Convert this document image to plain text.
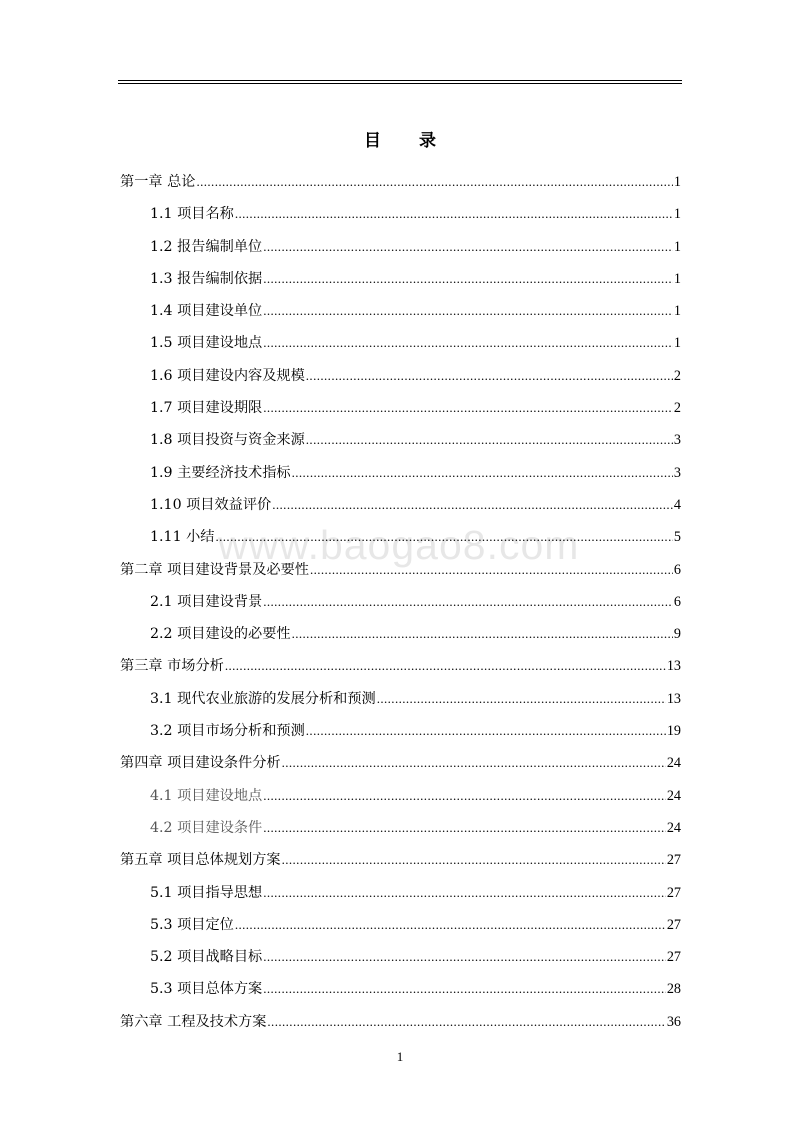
目 录
第一章 总论 .....	1
1.1 项目名称 .....	1
1.2 报告编制单位 .....	1
1.3 报告编制依据 .....	1
1.4 项目建设单位 .....	1
1.5 项目建设地点 .....	1
1.6 项目建设内容及规模 .....	2
1.7 项目建设期限 .....	2
1.8 项目投资与资金来源 .....	3
1.9 主要经济技术指标 .....	3
1.10 项目效益评价 .....	4
1.11 小结 .....	5
第二章 项目建设背景及必要性 .....	6
2.1 项目建设背景 .....	6
2.2 项目建设的必要性 .....	9
第三章 市场分析 .....	13
3.1 现代农业旅游的发展分析和预测 .....	13
3.2 项目市场分析和预测 .....	19
第四章 项目建设条件分析 .....	24
4.1 项目建设地点 .....	24
4.2 项目建设条件 .....	24
第五章 项目总体规划方案 .....	27
5.1 项目指导思想 .....	27
5.3 项目定位 .....	27
5.2 项目战略目标 .....	27
5.3 项目总体方案 .....	28
第六章 工程及技术方案 .....	36
www.baogao8.com
1
